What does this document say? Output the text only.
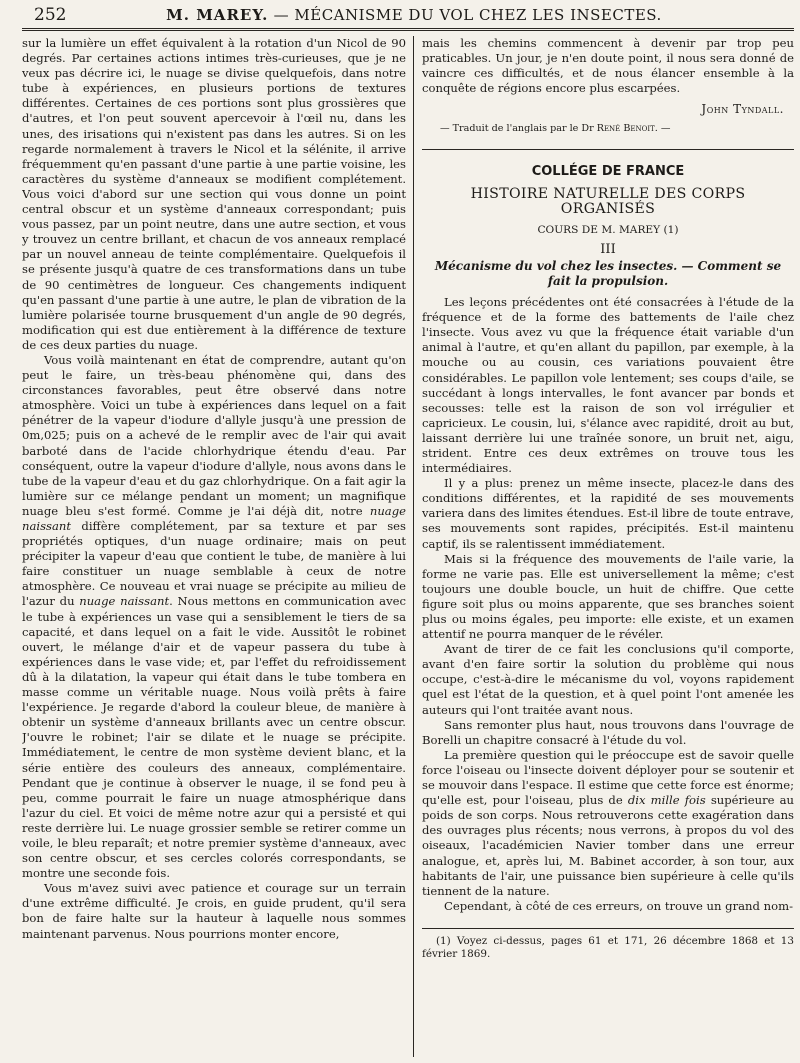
252	M. MAREY. — MÉCANISME DU VOL CHEZ LES INSECTES.

sur la lumière un effet équivalent à la rotation d'un Nicol de 90 degrés. Par certaines actions intimes très-curieuses, que je ne veux pas décrire ici, le nuage se divise quelquefois, dans notre tube à expériences, en plusieurs portions de textures différentes. Certaines de ces portions sont plus grossières que d'autres, et l'on peut souvent apercevoir à l'œil nu, dans les unes, des irisations qui n'existent pas dans les autres. Si on les regarde normalement à travers le Nicol et la sélénite, il arrive fréquemment qu'en passant d'une partie à une partie voisine, les caractères du système d'anneaux se modifient complétement. Vous voici d'abord sur une section qui vous donne un point central obscur et un système d'anneaux correspondant; puis vous passez, par un point neutre, dans une autre section, et vous y trouvez un centre brillant, et chacun de vos anneaux remplacé par un nouvel anneau de teinte complémentaire. Quelquefois il se présente jusqu'à quatre de ces transformations dans un tube de 90 centimètres de longueur. Ces changements indiquent qu'en passant d'une partie à une autre, le plan de vibration de la lumière polarisée tourne brusquement d'un angle de 90 degrés, modification qui est due entièrement à la différence de texture de ces deux parties du nuage.

Vous voilà maintenant en état de comprendre, autant qu'on peut le faire, un très-beau phénomène qui, dans des circonstances favorables, peut être observé dans notre atmosphère. Voici un tube à expériences dans lequel on a fait pénétrer de la vapeur d'iodure d'allyle jusqu'à une pression de 0m,025; puis on a achevé de le remplir avec de l'air qui avait barboté dans de l'acide chlorhydrique étendu d'eau. Par conséquent, outre la vapeur d'iodure d'allyle, nous avons dans le tube de la vapeur d'eau et du gaz chlorhydrique. On a fait agir la lumière sur ce mélange pendant un moment; un magnifique nuage bleu s'est formé. Comme je l'ai déjà dit, notre nuage naissant diffère complétement, par sa texture et par ses propriétés optiques, d'un nuage ordinaire; mais on peut précipiter la vapeur d'eau que contient le tube, de manière à lui faire constituer un nuage semblable à ceux de notre atmosphère. Ce nouveau et vrai nuage se précipite au milieu de l'azur du nuage naissant. Nous mettons en communication avec le tube à expériences un vase qui a sensiblement le tiers de sa capacité, et dans lequel on a fait le vide. Aussitôt le robinet ouvert, le mélange d'air et de vapeur passera du tube à expériences dans le vase vide; et, par l'effet du refroidissement dû à la dilatation, la vapeur qui était dans le tube tombera en masse comme un véritable nuage. Nous voilà prêts à faire l'expérience. Je regarde d'abord la couleur bleue, de manière à obtenir un système d'anneaux brillants avec un centre obscur. J'ouvre le robinet; l'air se dilate et le nuage se précipite. Immédiatement, le centre de mon système devient blanc, et la série entière des couleurs des anneaux, complémentaire. Pendant que je continue à observer le nuage, il se fond peu à peu, comme pourrait le faire un nuage atmosphérique dans l'azur du ciel. Et voici de même notre azur qui a persisté et qui reste derrière lui. Le nuage grossier semble se retirer comme un voile, le bleu reparaît; et notre premier système d'anneaux, avec son centre obscur, et ses cercles colorés correspondants, se montre une seconde fois.

Vous m'avez suivi avec patience et courage sur un terrain d'une extrême difficulté. Je crois, en guide prudent, qu'il sera bon de faire halte sur la hauteur à laquelle nous sommes maintenant parvenus. Nous pourrions monter encore,

mais les chemins commencent à devenir par trop peu praticables. Un jour, je n'en doute point, il nous sera donné de vaincre ces difficultés, et de nous élancer ensemble à la conquête de régions encore plus escarpées.

John Tyndall.
— Traduit de l'anglais par le Dr René Benoit. —
COLLÉGE DE FRANCE
HISTOIRE NATURELLE DES CORPS ORGANISÉS
COURS DE M. MAREY (1)
III
Mécanisme du vol chez les insectes. — Comment se fait la propulsion.

Les leçons précédentes ont été consacrées à l'étude de la fréquence et de la forme des battements de l'aile chez l'insecte. Vous avez vu que la fréquence était variable d'un animal à l'autre, et qu'en allant du papillon, par exemple, à la mouche ou au cousin, ces variations pouvaient être considérables. Le papillon vole lentement; ses coups d'aile, se succédant à longs intervalles, le font avancer par bonds et secousses: telle est la raison de son vol irrégulier et capricieux. Le cousin, lui, s'élance avec rapidité, droit au but, laissant derrière lui une traînée sonore, un bruit net, aigu, strident. Entre ces deux extrêmes on trouve tous les intermédiaires.

Il y a plus: prenez un même insecte, placez-le dans des conditions différentes, et la rapidité de ses mouvements variera dans des limites étendues. Est-il libre de toute entrave, ses mouvements sont rapides, précipités. Est-il maintenu captif, ils se ralentissent immédiatement.

Mais si la fréquence des mouvements de l'aile varie, la forme ne varie pas. Elle est universellement la même; c'est toujours une double boucle, un huit de chiffre. Que cette figure soit plus ou moins apparente, que ses branches soient plus ou moins égales, peu importe: elle existe, et un examen attentif ne pourra manquer de le révéler.

Avant de tirer de ce fait les conclusions qu'il comporte, avant d'en faire sortir la solution du problème qui nous occupe, c'est-à-dire le mécanisme du vol, voyons rapidement quel est l'état de la question, et à quel point l'ont amenée les auteurs qui l'ont traitée avant nous.

Sans remonter plus haut, nous trouvons dans l'ouvrage de Borelli un chapitre consacré à l'étude du vol.

La première question qui le préoccupe est de savoir quelle force l'oiseau ou l'insecte doivent déployer pour se soutenir et se mouvoir dans l'espace. Il estime que cette force est énorme; qu'elle est, pour l'oiseau, plus de dix mille fois supérieure au poids de son corps. Nous retrouverons cette exagération dans des ouvrages plus récents; nous verrons, à propos du vol des oiseaux, l'académicien Navier tomber dans une erreur analogue, et, après lui, M. Babinet accorder, à son tour, aux habitants de l'air, une puissance bien supérieure à celle qu'ils tiennent de la nature.

Cependant, à côté de ces erreurs, on trouve un grand nom-

(1) Voyez ci-dessus, pages 61 et 171, 26 décembre 1868 et 13 février 1869.
